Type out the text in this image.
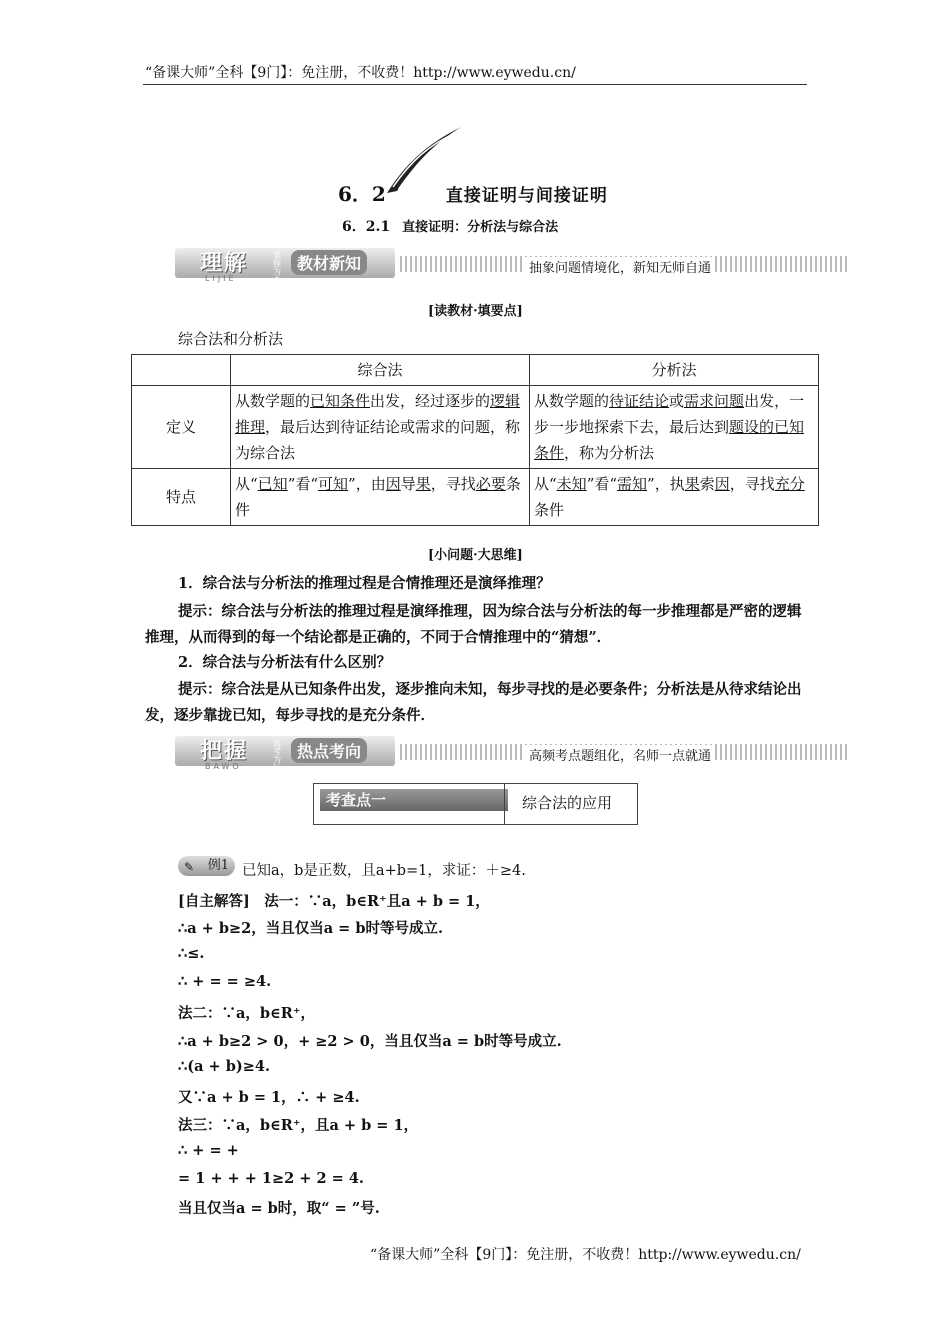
“备课大师”全科【9门】：免注册，不收费！http://www.eywedu.cn/
6．2	直接证明与间接证明
6．2.1 直接证明：分析法与综合法
理解	掌握为本
教材新知
LIJIE
抽象问题情境化，新知无师自通
[读教材·填要点]
综合法和分析法
	综合法	分析法
定义	从数学题的已知条件出发，经过逐步的逻辑推理，最后达到待证结论或需求的问题，称为综合法	从数学题的待证结论或需求问题出发，一步一步地探索下去，最后达到题设的已知条件，称为分析法
特点	从“已知”看“可知”，由因导果，寻找必要条件	从“未知”看“需知”，执果索因，寻找充分条件
[小问题·大思维]
1．综合法与分析法的推理过程是合情推理还是演绎推理？
提示：综合法与分析法的推理过程是演绎推理，因为综合法与分析法的每一步推理都是严密的逻辑推理，从而得到的每一个结论都是正确的，不同于合情推理中的“猜想”．
2．综合法与分析法有什么区别？
提示：综合法是从已知条件出发，逐步推向未知，每步寻找的是必要条件；分析法是从待求结论出发，逐步靠拢已知，每步寻找的是充分条件．
把握	高考为标
热点考向
BAWO
高频考点题组化，名师一点就通
考查点一	综合法的应用
✎ 例1 已知a，b是正数，且a+b=1，求证：＋≥4.
[自主解答]　法一：∵a，b∈R⁺且a + b = 1，
∴a + b≥2，当且仅当a = b时等号成立.
∴≤.
∴ + = = ≥4.
法二：∵a，b∈R⁺，
∴a + b≥2 > 0，+ ≥2 > 0，当且仅当a = b时等号成立.
∴(a + b)≥4.
又∵a + b = 1，∴ + ≥4.
法三：∵a，b∈R⁺，且a + b = 1，
∴ + = +
= 1 + + + 1≥2 + 2 = 4.
当且仅当a = b时，取“ = ”号.
“备课大师”全科【9门】：免注册，不收费！http://www.eywedu.cn/
